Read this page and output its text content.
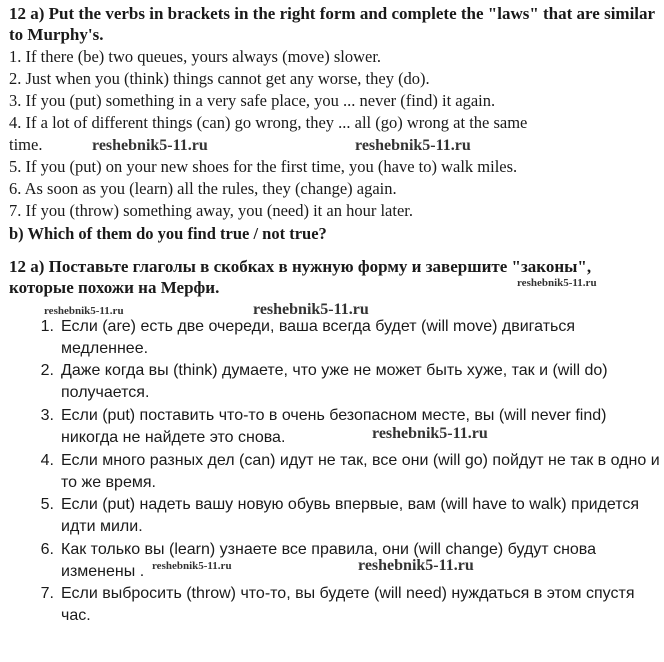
12 a) Put the verbs in brackets in the right form and complete the "laws" that are similar to Murphy's.
1. If there (be) two queues, yours always (move) slower.
2. Just when you (think) things cannot get any worse, they (do).
3. If you (put) something in a very safe place, you ... never (find) it again.
4. If a lot of different things (can) go wrong, they ... all (go) wrong at the same
time.
5. If you (put) on your new shoes for the first time, you (have to) walk miles.
6. As soon as you (learn) all the rules, they (change) again.
7. If you (throw) something away, you (need) it an hour later.
b) Which of them do you find true / not true?
12 а) Поставьте глаголы в скобках в нужную форму и завершите "законы", которые похожи на Мерфи.
1. Если (are) есть две очереди, ваша всегда будет (will move) двигаться медленнее.
2. Даже когда вы (think) думаете, что уже не может быть хуже, так и (will do) получается.
3. Если (put) поставить что-то в очень безопасном месте, вы (will never find) никогда не найдете это снова.
4. Если много разных дел (can) идут не так, все они (will go) пойдут не так в одно и то же время.
5. Если (put) надеть вашу новую обувь впервые, вам (will have to walk) придется идти мили.
6. Как только вы (learn) узнаете все правила, они (will change) будут снова изменены .
7. Если выбросить (throw) что-то, вы будете (will need) нуждаться в этом спустя час.
reshebnik5-11.ru	reshebnik5-11.ru
reshebnik5-11.ru
reshebnik5-11.ru	reshebnik5-11.ru
reshebnik5-11.ru
reshebnik5-11.ru	reshebnik5-11.ru
